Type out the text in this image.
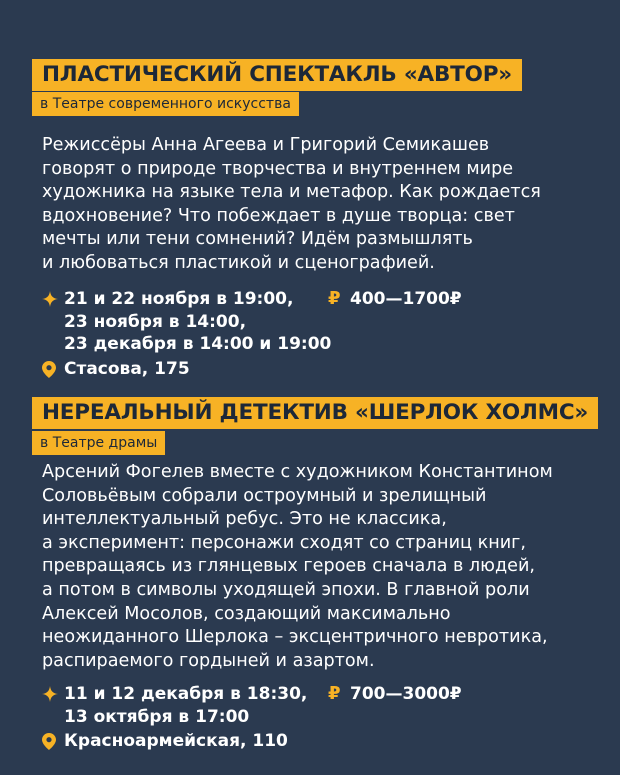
ПЛАСТИЧЕСКИЙ СПЕКТАКЛЬ «АВТОР»
в Театре современного искусства
Режиссёры Анна Агеева и Григорий Семикашев
говорят о природе творчества и внутреннем мире
художника на языке тела и метафор. Как рождается
вдохновение? Что побеждает в душе творца: свет
мечты или тени сомнений? Идём размышлять
и любоваться пластикой и сценографией.
21 и 22 ноября в 19:00,
23 ноября в 14:00,
23 декабря в 14:00 и 19:00
Стасова, 175
₽ 400—1700₽
НЕРЕАЛЬНЫЙ ДЕТЕКТИВ «ШЕРЛОК ХОЛМС»
в Театре драмы
Арсений Фогелев вместе с художником Константином
Соловьёвым собрали остроумный и зрелищный
интеллектуальный ребус. Это не классика,
а эксперимент: персонажи сходят со страниц книг,
превращаясь из глянцевых героев сначала в людей,
а потом в символы уходящей эпохи. В главной роли
Алексей Мосолов, создающий максимально
неожиданного Шерлока – эксцентричного невротика,
распираемого гордыней и азартом.
11 и 12 декабря в 18:30,
13 октября в 17:00
Красноармейская, 110
₽ 700—3000₽
